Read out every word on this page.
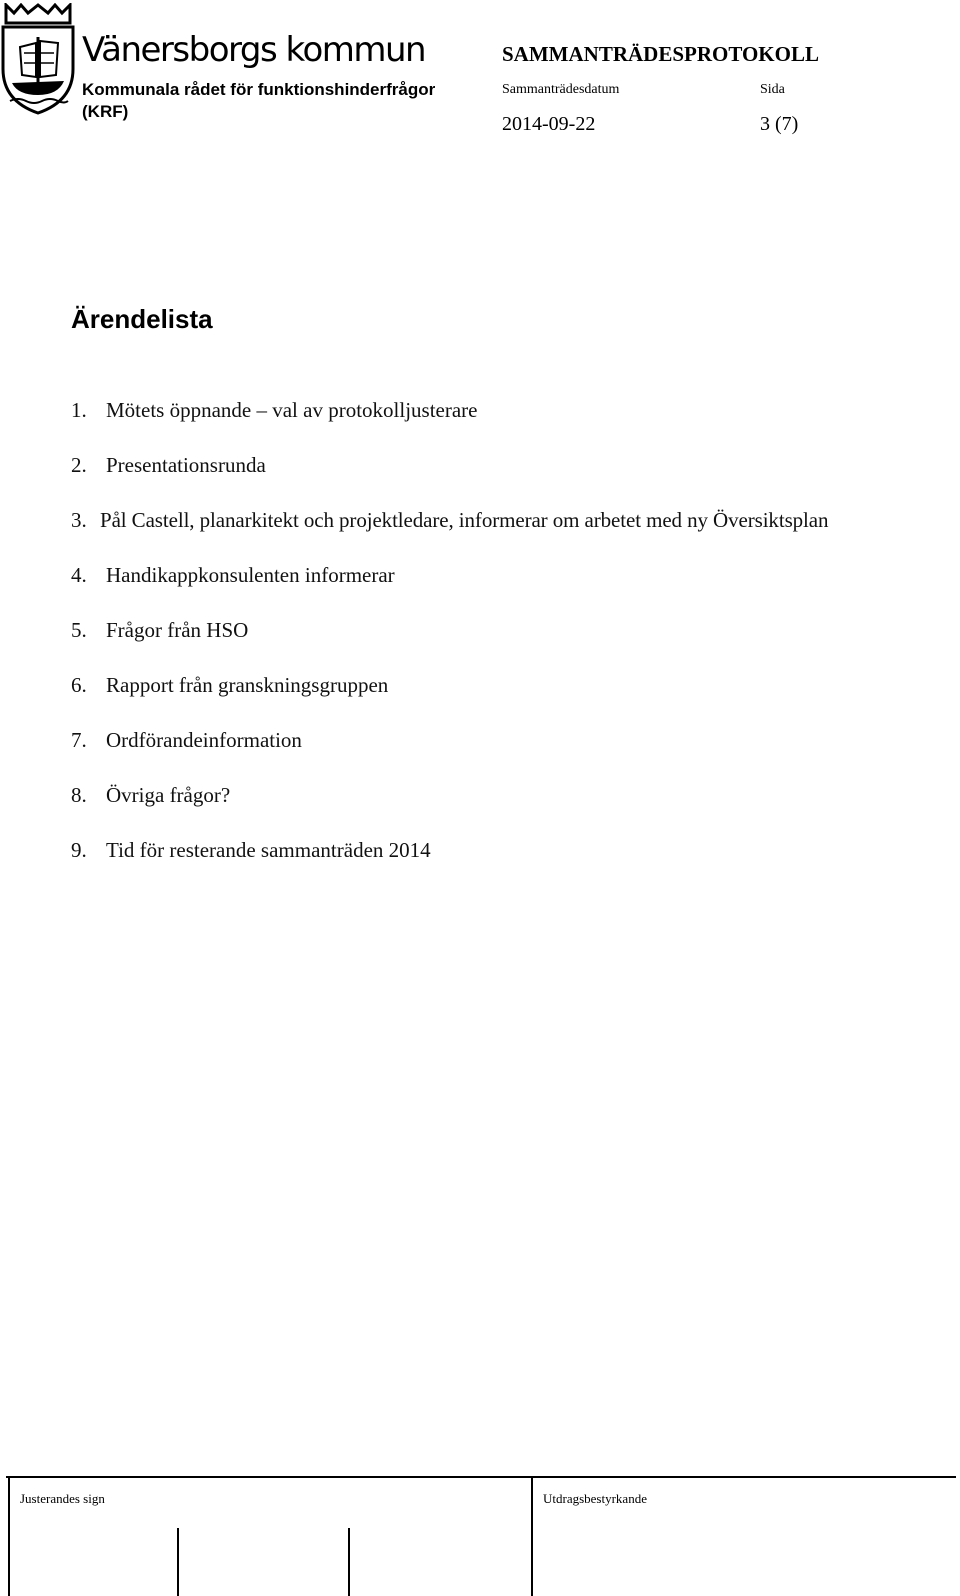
Vänersborgs kommun
Kommunala rådet för funktionshinderfrågor (KRF)
SAMMANTRÄDESPROTOKOLL
Sammanträdesdatum	Sida
2014-09-22	3 (7)
Ärendelista
1. Mötets öppnande – val av protokolljusterare
2. Presentationsrunda
3. Pål Castell, planarkitekt och projektledare, informerar om arbetet med ny Översiktsplan
4. Handikappkonsulenten informerar
5. Frågor från HSO
6. Rapport från granskningsgruppen
7. Ordförandeinformation
8. Övriga frågor?
9. Tid för resterande sammanträden 2014
Justerandes sign	Utdragsbestyrkande
